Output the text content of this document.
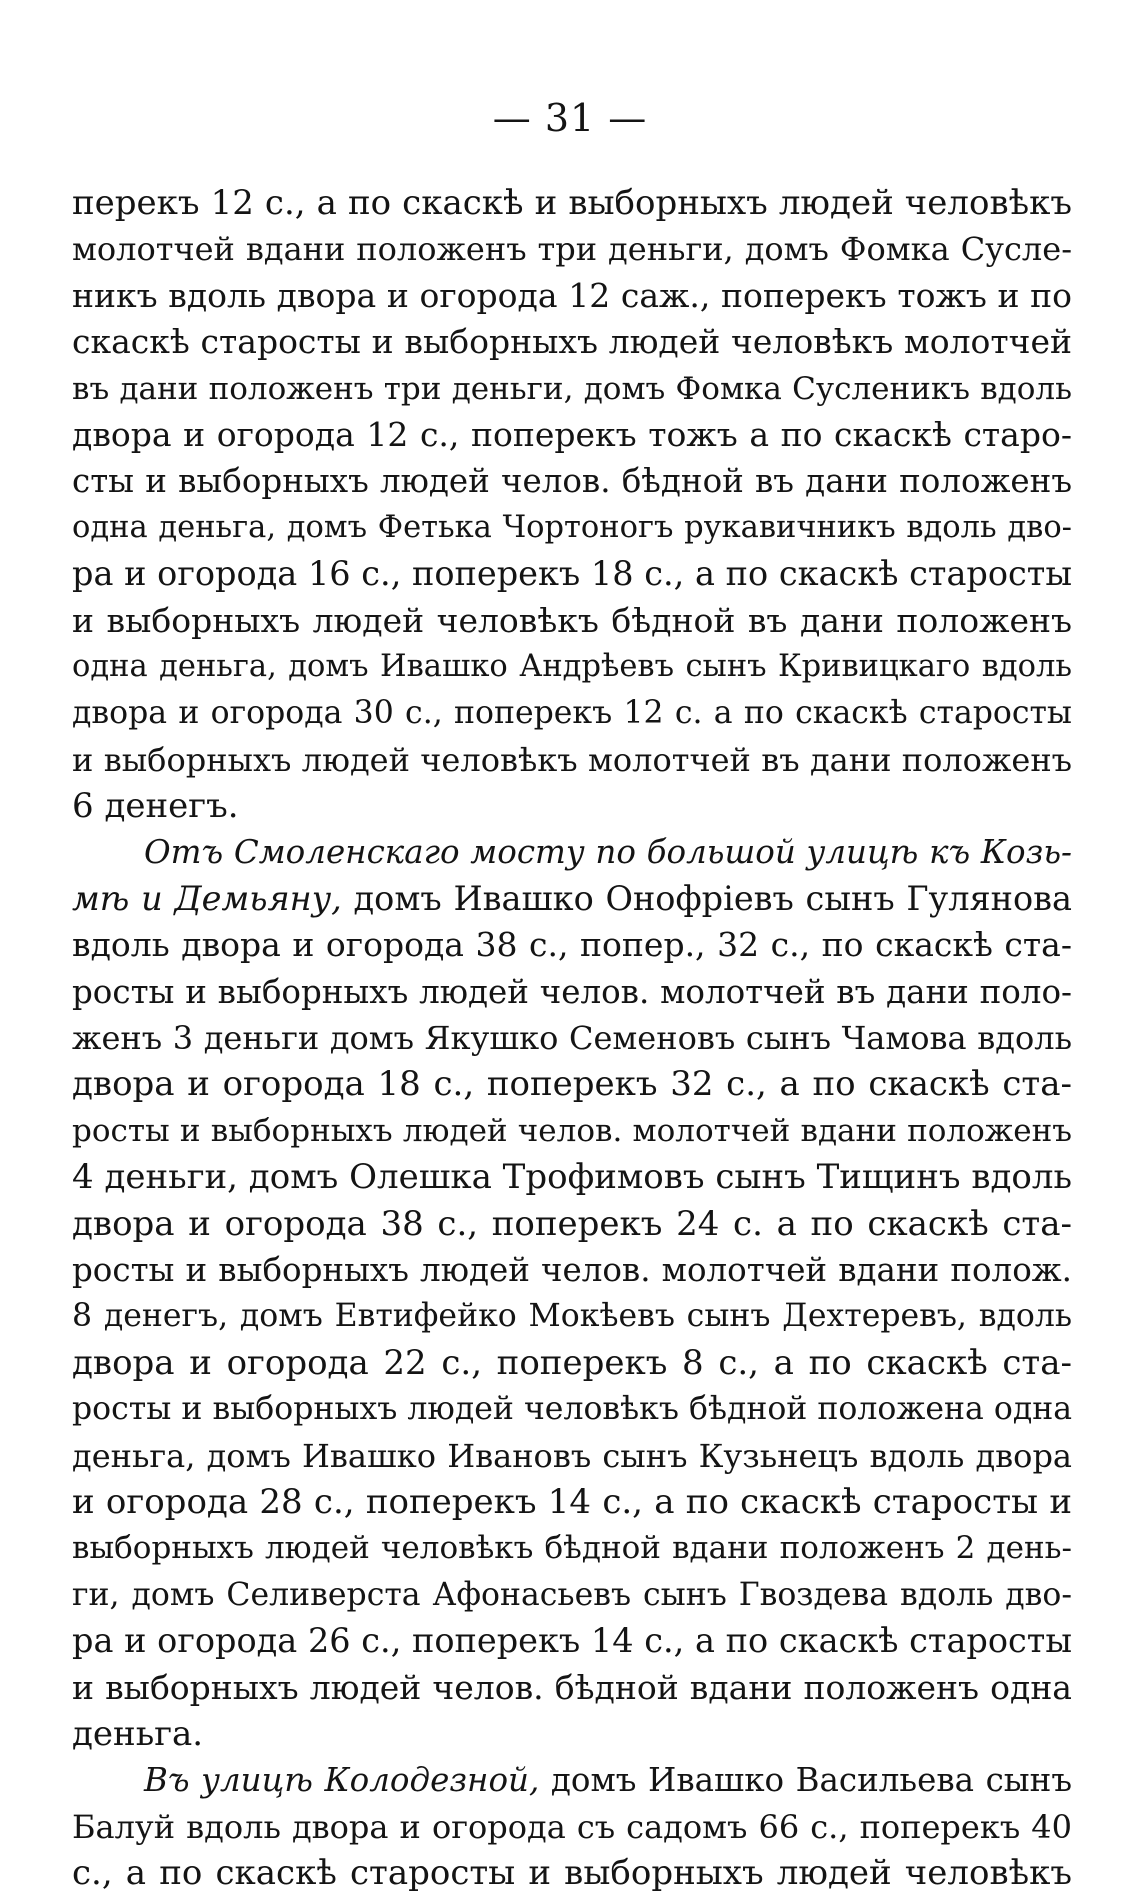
— 31 —
перекъ 12 с., а по скаскѣ и выборныхъ людей человѣкъ
молотчей вдани положенъ три деньги, домъ Фомка Сусле-
никъ вдоль двора и огорода 12 саж., поперекъ тожъ и по
скаскѣ старосты и выборныхъ людей человѣкъ молотчей
въ дани положенъ три деньги, домъ Фомка Сусленикъ вдоль
двора и огорода 12 с., поперекъ тожъ а по скаскѣ старо-
сты и выборныхъ людей челов. бѣдной въ дани положенъ
одна деньга, домъ Фетька Чортоногъ рукавичникъ вдоль дво-
ра и огорода 16 с., поперекъ 18 с., а по скаскѣ старосты
и выборныхъ людей человѣкъ бѣдной въ дани положенъ
одна деньга, домъ Ивашко Андрѣевъ сынъ Кривицкаго вдоль
двора и огорода 30 с., поперекъ 12 с. а по скаскѣ старосты
и выборныхъ людей человѣкъ молотчей въ дани положенъ
6 денегъ.
Отъ Смоленскаго мосту по большой улицѣ къ Козь-
мѣ и Демьяну, домъ Ивашко Онофріевъ сынъ Гулянова
вдоль двора и огорода 38 с., попер., 32 с., по скаскѣ ста-
росты и выборныхъ людей челов. молотчей въ дани поло-
женъ 3 деньги домъ Якушко Семеновъ сынъ Чамова вдоль
двора и огорода 18 с., поперекъ 32 с., а по скаскѣ ста-
росты и выборныхъ людей челов. молотчей вдани положенъ
4 деньги, домъ Олешка Трофимовъ сынъ Тищинъ вдоль
двора и огорода 38 с., поперекъ 24 с. а по скаскѣ ста-
росты и выборныхъ людей челов. молотчей вдани полож.
8 денегъ, домъ Евтифейко Мокѣевъ сынъ Дехтеревъ, вдоль
двора и огорода 22 с., поперекъ 8 с., а по скаскѣ ста-
росты и выборныхъ людей человѣкъ бѣдной положена одна
деньга, домъ Ивашко Ивановъ сынъ Кузьнецъ вдоль двора
и огорода 28 с., поперекъ 14 с., а по скаскѣ старосты и
выборныхъ людей человѣкъ бѣдной вдани положенъ 2 день-
ги, домъ Селиверста Афонасьевъ сынъ Гвоздева вдоль дво-
ра и огорода 26 с., поперекъ 14 с., а по скаскѣ старосты
и выборныхъ людей челов. бѣдной вдани положенъ одна
деньга.
Въ улицѣ Колодезной, домъ Ивашко Васильева сынъ
Балуй вдоль двора и огорода съ садомъ 66 с., поперекъ 40
с., а по скаскѣ старосты и выборныхъ людей человѣкъ
